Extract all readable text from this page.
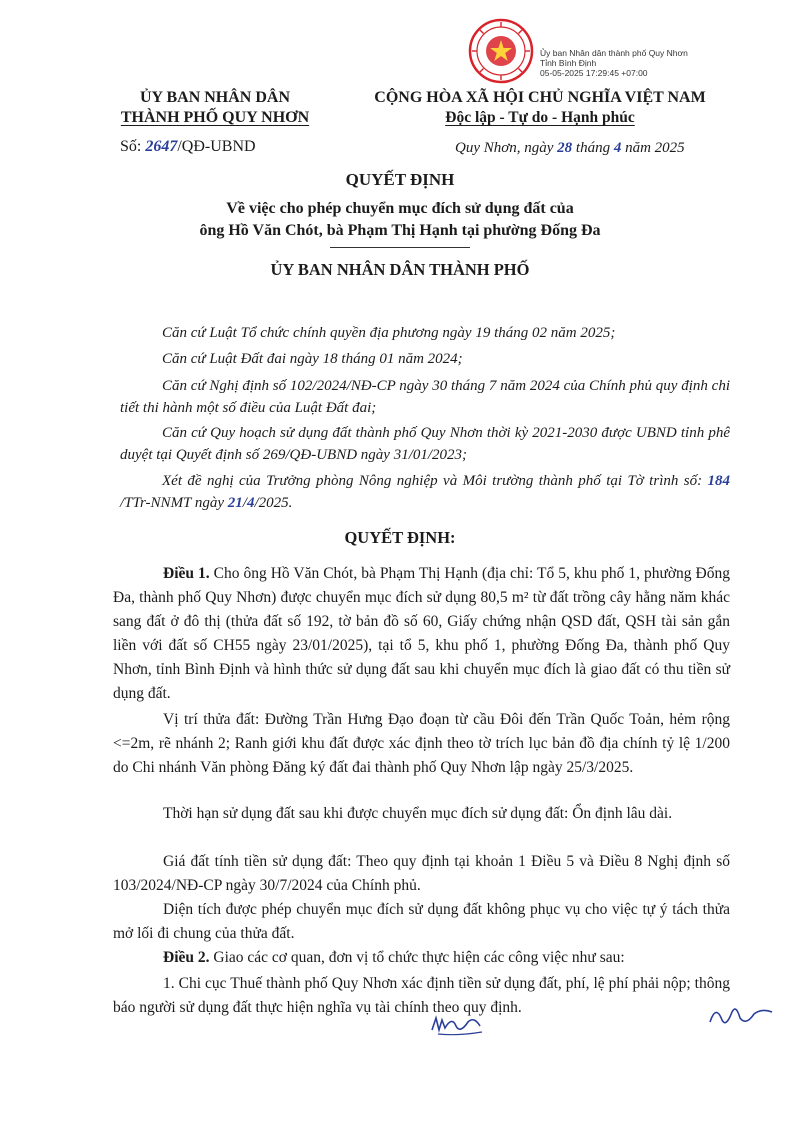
Ủy ban Nhân dân thành phố Quy Nhơn
Tỉnh Bình Định
05-05-2025 17:29:45 +07:00
ỦY BAN NHÂN DÂN
THÀNH PHỐ QUY NHƠN
Số: 2647/QĐ-UBND
CỘNG HÒA XÃ HỘI CHỦ NGHĨA VIỆT NAM
Độc lập - Tự do - Hạnh phúc
Quy Nhơn, ngày 28 tháng 4 năm 2025
QUYẾT ĐỊNH
Về việc cho phép chuyển mục đích sử dụng đất của
ông Hồ Văn Chót, bà Phạm Thị Hạnh tại phường Đống Đa
ỦY BAN NHÂN DÂN THÀNH PHỐ
Căn cứ Luật Tổ chức chính quyền địa phương ngày 19 tháng 02 năm 2025;
Căn cứ Luật Đất đai ngày 18 tháng 01 năm 2024;
Căn cứ Nghị định số 102/2024/NĐ-CP ngày 30 tháng 7 năm 2024 của Chính phủ quy định chi tiết thi hành một số điều của Luật Đất đai;
Căn cứ Quy hoạch sử dụng đất thành phố Quy Nhơn thời kỳ 2021-2030 được UBND tỉnh phê duyệt tại Quyết định số 269/QĐ-UBND ngày 31/01/2023;
Xét đề nghị của Trưởng phòng Nông nghiệp và Môi trường thành phố tại Tờ trình số: 184 /TTr-NNMT ngày 21/4/2025.
QUYẾT ĐỊNH:
Điều 1. Cho ông Hồ Văn Chót, bà Phạm Thị Hạnh (địa chỉ: Tổ 5, khu phố 1, phường Đống Đa, thành phố Quy Nhơn) được chuyển mục đích sử dụng 80,5 m² từ đất trồng cây hằng năm khác sang đất ở đô thị (thửa đất số 192, tờ bản đồ số 60, Giấy chứng nhận QSD đất, QSH tài sản gắn liền với đất số CH55 ngày 23/01/2025), tại tổ 5, khu phố 1, phường Đống Đa, thành phố Quy Nhơn, tỉnh Bình Định và hình thức sử dụng đất sau khi chuyển mục đích là giao đất có thu tiền sử dụng đất.
Vị trí thửa đất: Đường Trần Hưng Đạo đoạn từ cầu Đôi đến Trần Quốc Toản, hẻm rộng <=2m, rẽ nhánh 2; Ranh giới khu đất được xác định theo tờ trích lục bản đồ địa chính tỷ lệ 1/200 do Chi nhánh Văn phòng Đăng ký đất đai thành phố Quy Nhơn lập ngày 25/3/2025.
Thời hạn sử dụng đất sau khi được chuyển mục đích sử dụng đất: Ổn định lâu dài.
Giá đất tính tiền sử dụng đất: Theo quy định tại khoản 1 Điều 5 và Điều 8 Nghị định số 103/2024/NĐ-CP ngày 30/7/2024 của Chính phủ.
Diện tích được phép chuyển mục đích sử dụng đất không phục vụ cho việc tự ý tách thửa mở lối đi chung của thửa đất.
Điều 2. Giao các cơ quan, đơn vị tổ chức thực hiện các công việc như sau:
1. Chi cục Thuế thành phố Quy Nhơn xác định tiền sử dụng đất, phí, lệ phí phải nộp; thông báo người sử dụng đất thực hiện nghĩa vụ tài chính theo quy định.
